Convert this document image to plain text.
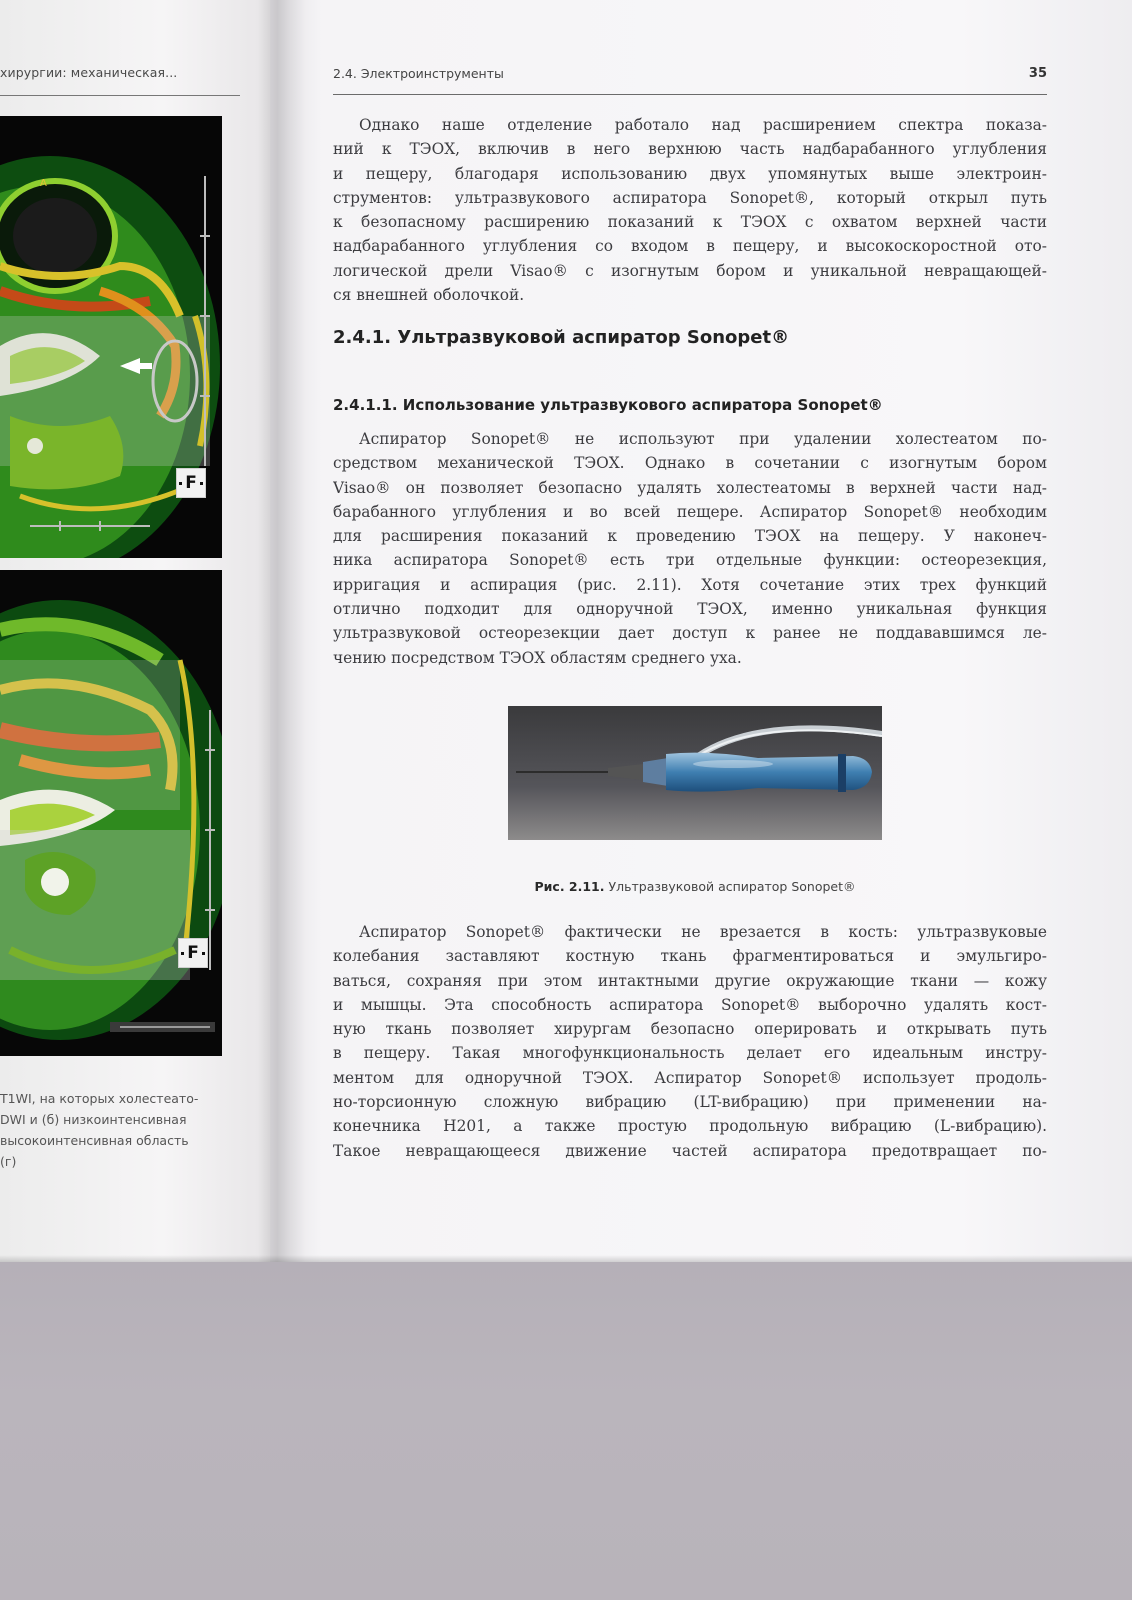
хирургии: механическая...
A
F
F
T1WI, на которых холестеато-
DWI и (б) низкоинтенсивная
высокоинтенсивная область
(г)
2.4. Электроинструменты	35
Однако наше отделение работало над расширением спектра показа-
ний к ТЭОХ, включив в него верхнюю часть надбарабанного углубления
и пещеру, благодаря использованию двух упомянутых выше электроин-
струментов: ультразвукового аспиратора Sonopet®, который открыл путь
к безопасному расширению показаний к ТЭОХ с охватом верхней части
надбарабанного углубления со входом в пещеру, и высокоскоростной ото-
логической дрели Visao® с изогнутым бором и уникальной невращающей-
ся внешней оболочкой.
2.4.1. Ультразвуковой аспиратор Sonopet®
2.4.1.1. Использование ультразвукового аспиратора Sonopet®
Аспиратор Sonopet® не используют при удалении холестеатом по-
средством механической ТЭОХ. Однако в сочетании с изогнутым бором
Visao® он позволяет безопасно удалять холестеатомы в верхней части над-
барабанного углубления и во всей пещере. Аспиратор Sonopet® необходим
для расширения показаний к проведению ТЭОХ на пещеру. У наконеч-
ника аспиратора Sonopet® есть три отдельные функции: остеорезекция,
ирригация и аспирация (рис. 2.11). Хотя сочетание этих трех функций
отлично подходит для одноручной ТЭОХ, именно уникальная функция
ультразвуковой остеорезекции дает доступ к ранее не поддававшимся ле-
чению посредством ТЭОХ областям среднего уха.
Рис. 2.11. Ультразвуковой аспиратор Sonopet®
Аспиратор Sonopet® фактически не врезается в кость: ультразвуковые
колебания заставляют костную ткань фрагментироваться и эмульгиро-
ваться, сохраняя при этом интактными другие окружающие ткани — кожу
и мышцы. Эта способность аспиратора Sonopet® выборочно удалять кост-
ную ткань позволяет хирургам безопасно оперировать и открывать путь
в пещеру. Такая многофункциональность делает его идеальным инстру-
ментом для одноручной ТЭОХ. Аспиратор Sonopet® использует продоль-
но-торсионную сложную вибрацию (LT-вибрацию) при применении на-
конечника H201, а также простую продольную вибрацию (L-вибрацию).
Такое невращающееся движение частей аспиратора предотвращает по-
